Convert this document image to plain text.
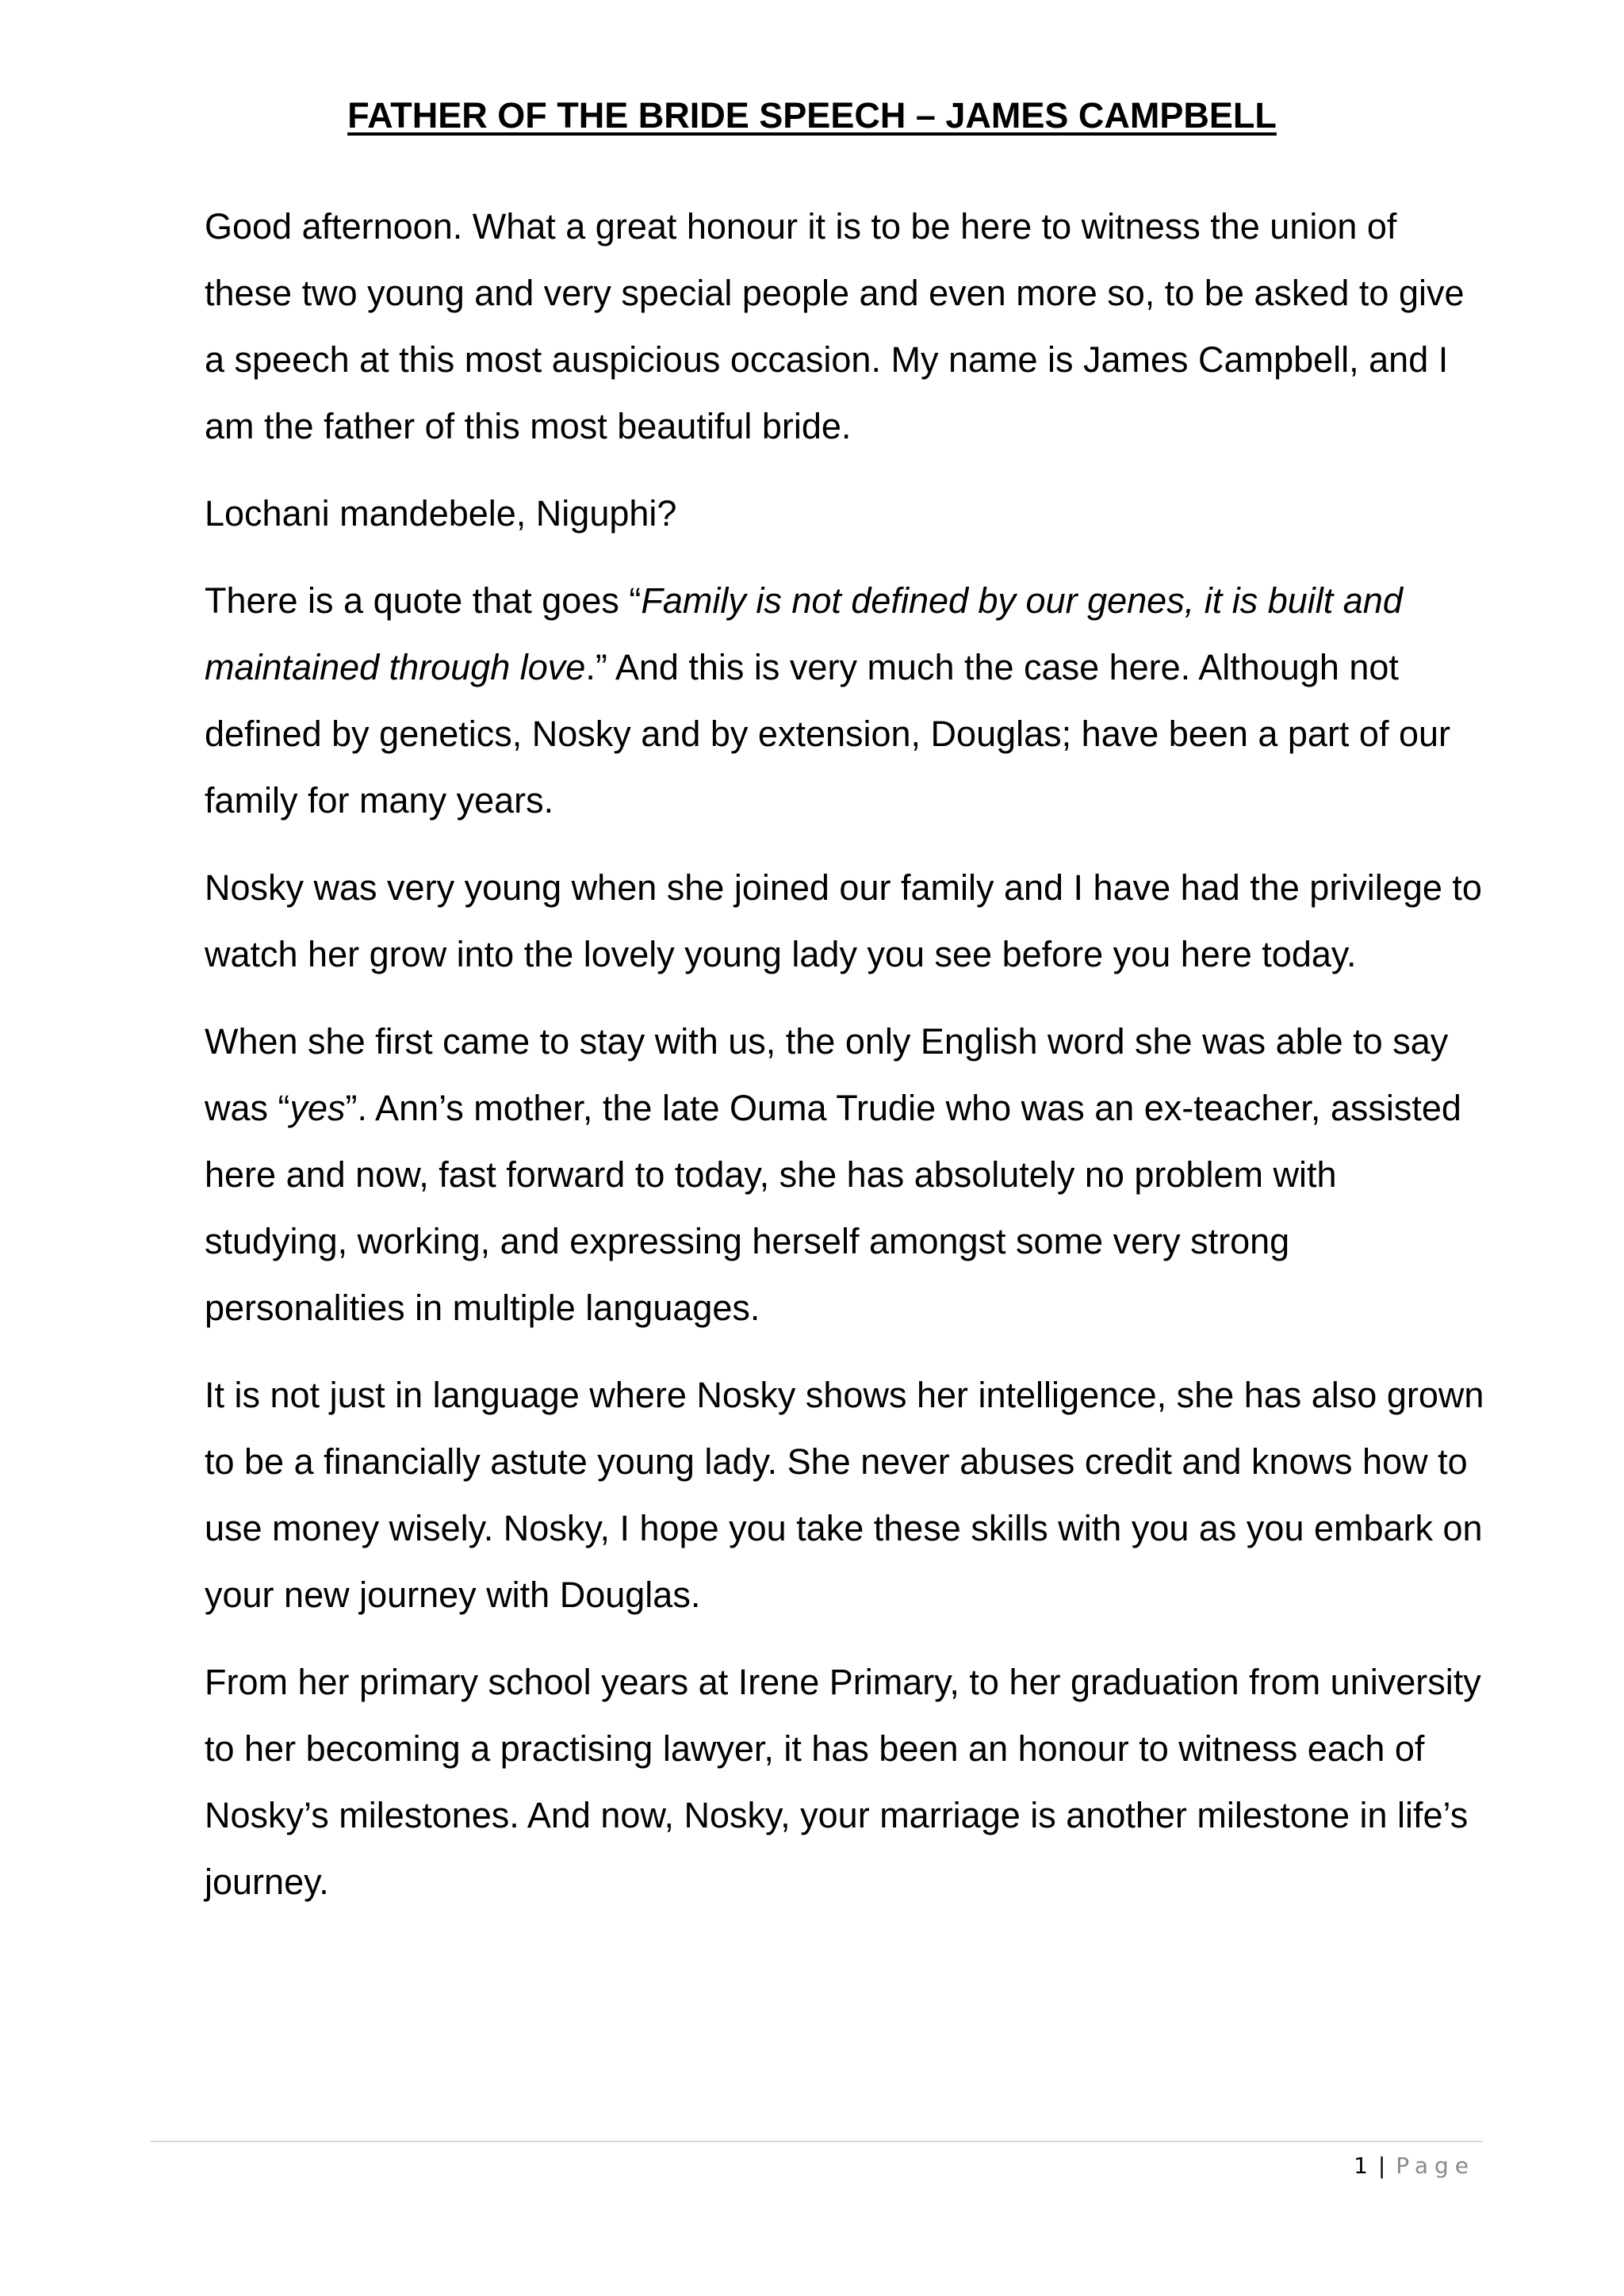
FATHER OF THE BRIDE SPEECH – JAMES CAMPBELL

Good afternoon. What a great honour it is to be here to witness the union of these two young and very special people and even more so, to be asked to give a speech at this most auspicious occasion. My name is James Campbell, and I am the father of this most beautiful bride.

Lochani mandebele, Niguphi?

There is a quote that goes “Family is not defined by our genes, it is built and maintained through love.” And this is very much the case here. Although not defined by genetics, Nosky and by extension, Douglas; have been a part of our family for many years.

Nosky was very young when she joined our family and I have had the privilege to watch her grow into the lovely young lady you see before you here today.

When she first came to stay with us, the only English word she was able to say was “yes”. Ann’s mother, the late Ouma Trudie who was an ex-teacher, assisted here and now, fast forward to today, she has absolutely no problem with studying, working, and expressing herself amongst some very strong personalities in multiple languages.

It is not just in language where Nosky shows her intelligence, she has also grown to be a financially astute young lady. She never abuses credit and knows how to use money wisely. Nosky, I hope you take these skills with you as you embark on your new journey with Douglas.

From her primary school years at Irene Primary, to her graduation from university to her becoming a practising lawyer, it has been an honour to witness each of Nosky’s milestones. And now, Nosky, your marriage is another milestone in life’s journey.

1 | Page
